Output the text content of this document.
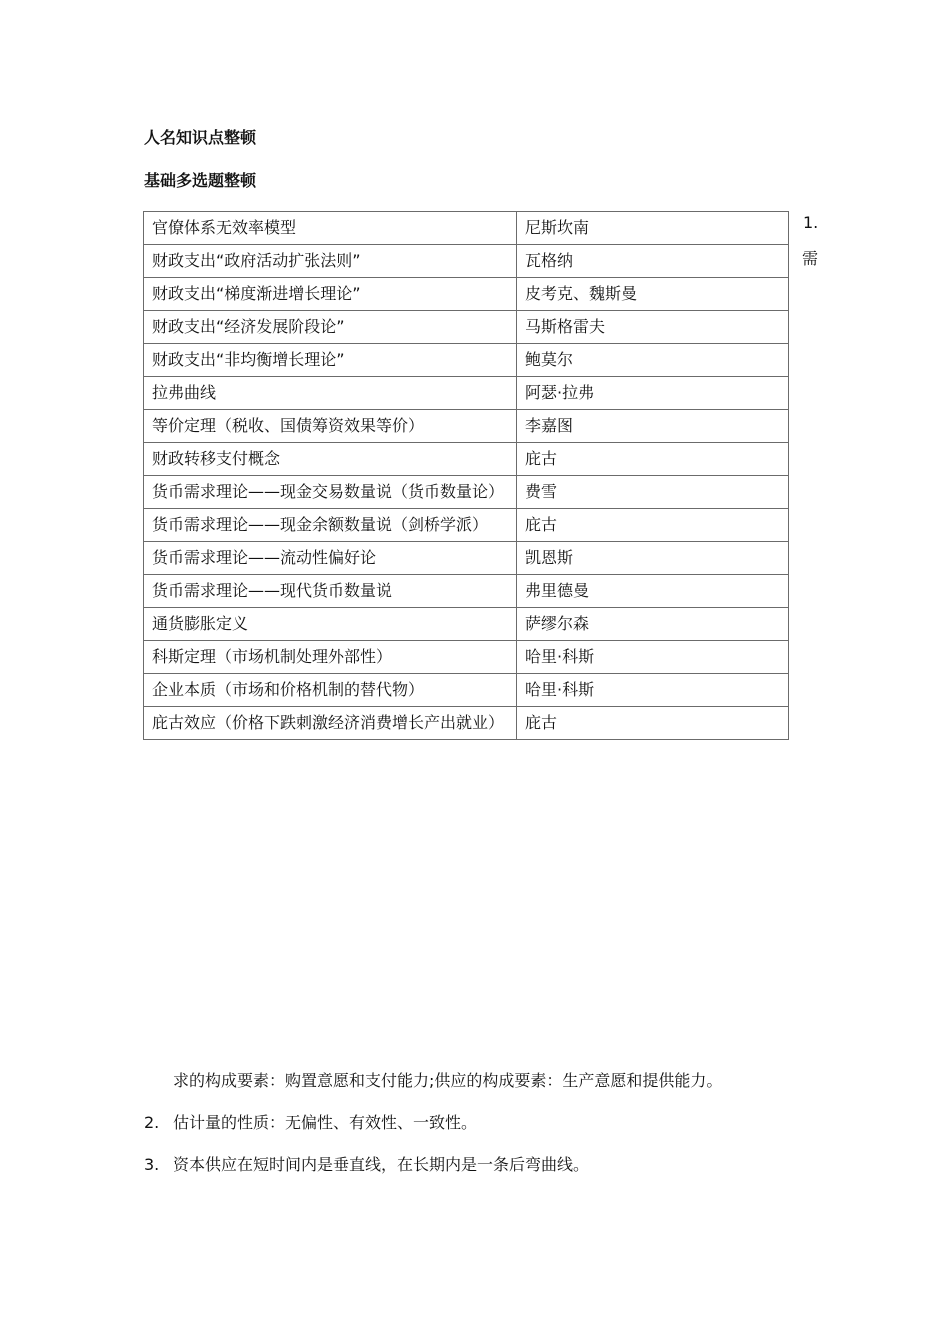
人名知识点整顿
基础多选题整顿
官僚体系无效率模型	尼斯坎南
财政支出“政府活动扩张法则”	瓦格纳
财政支出“梯度渐进增长理论”	皮考克、魏斯曼
财政支出“经济发展阶段论”	马斯格雷夫
财政支出“非均衡增长理论”	鲍莫尔
拉弗曲线	阿瑟·拉弗
等价定理（税收、国债筹资效果等价）	李嘉图
财政转移支付概念	庇古
货币需求理论——现金交易数量说（货币数量论）	费雪
货币需求理论——现金余额数量说（剑桥学派）	庇古
货币需求理论——流动性偏好论	凯恩斯
货币需求理论——现代货币数量说	弗里德曼
通货膨胀定义	萨缪尔森
科斯定理（市场机制处理外部性）	哈里·科斯
企业本质（市场和价格机制的替代物）	哈里·科斯
庇古效应（价格下跌刺激经济消费增长产出就业）	庇古
1.
需
求的构成要素：购置意愿和支付能力;供应的构成要素：生产意愿和提供能力。
2. 估计量的性质：无偏性、有效性、一致性。
3. 资本供应在短时间内是垂直线，在长期内是一条后弯曲线。
